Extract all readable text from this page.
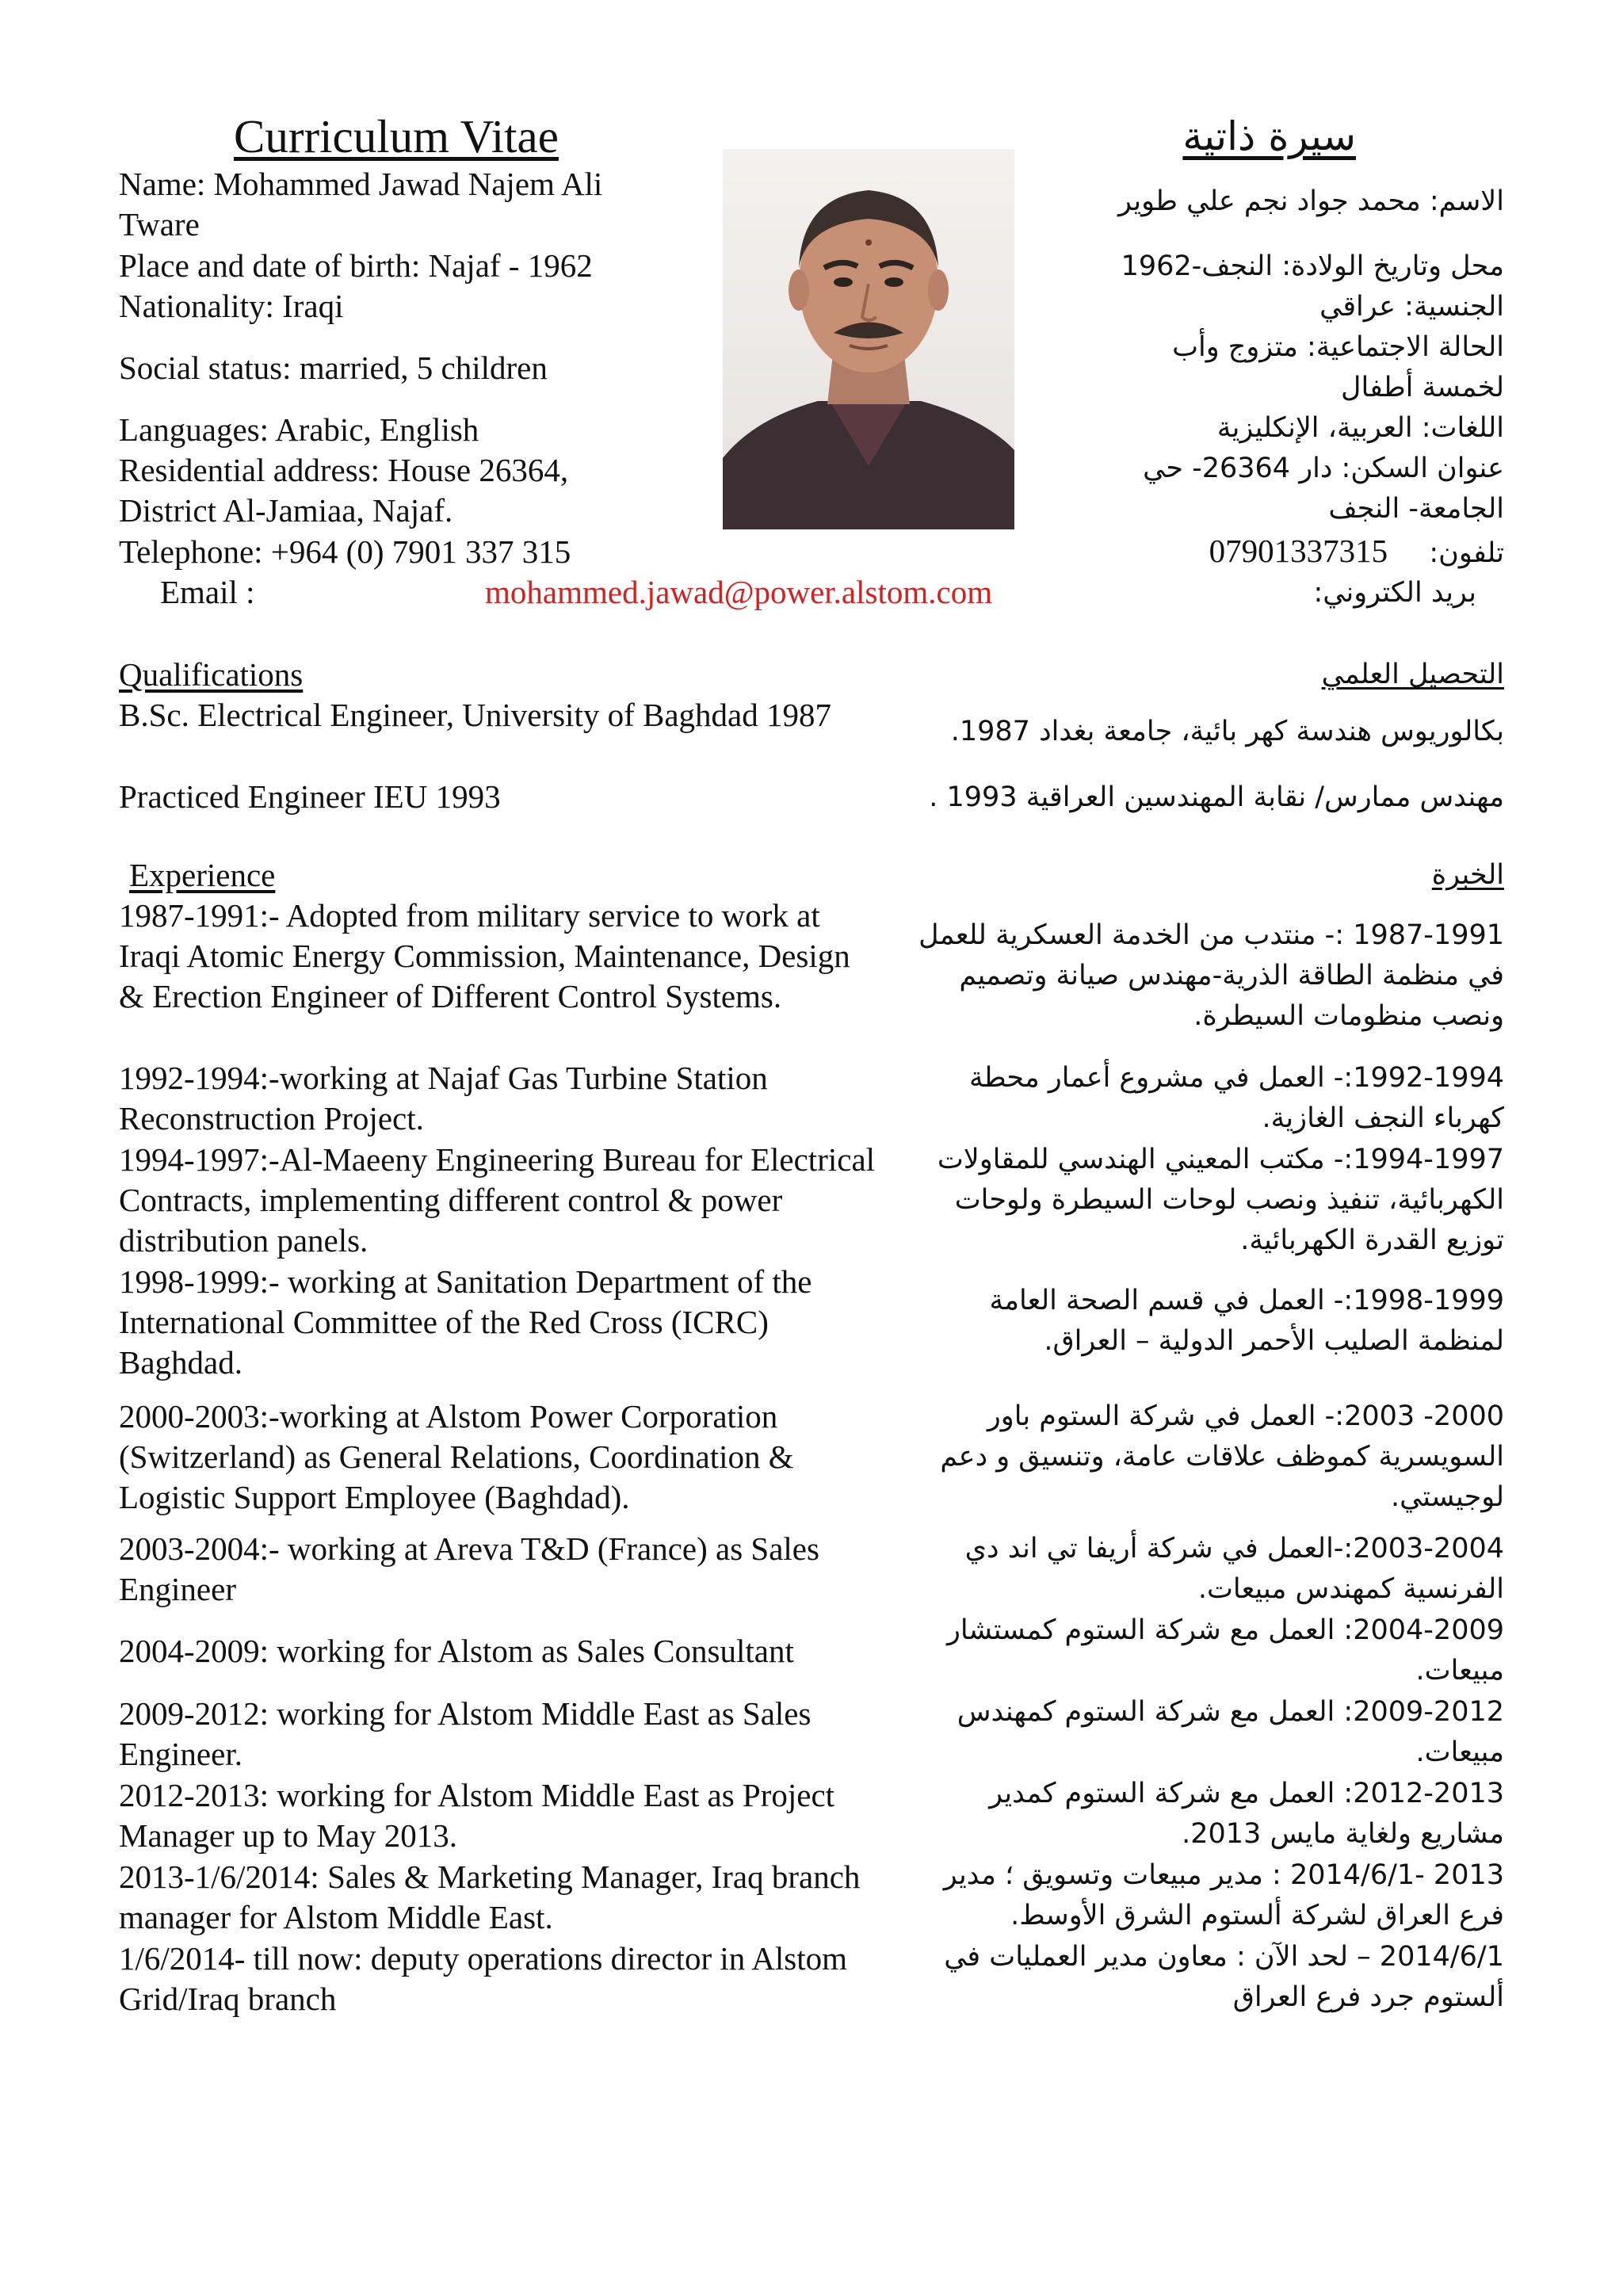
Curriculum Vitae	سيرة ذاتية
Name: Mohammed Jawad Najem Ali Tware
Place and date of birth: Najaf - 1962
Nationality: Iraqi
Social status: married, 5 children
Languages: Arabic, English
Residential address: House 26364, District Al-Jamiaa, Najaf.
Telephone: +964 (0) 7901 337 315
Email :	mohammed.jawad@power.alstom.com
الاسم: محمد جواد نجم علي طوير
محل وتاريخ الولادة: النجف-1962
الجنسية: عراقي
الحالة الاجتماعية: متزوج وأب لخمسة أطفال
اللغات: العربية، الإنكليزية
عنوان السكن: دار 26364- حي الجامعة- النجف
تلفون:  07901337315
بريد الكتروني:
Qualifications
B.Sc. Electrical Engineer, University of Baghdad 1987
Practiced Engineer IEU 1993
التحصيل العلمي
بكالوريوس هندسة كهر بائية، جامعة بغداد 1987.
مهندس ممارس/ نقابة المهندسين العراقية 1993 .
Experience
1987-1991:- Adopted from military service to work at Iraqi Atomic Energy Commission, Maintenance, Design & Erection Engineer of Different Control Systems.
1992-1994:-working at Najaf Gas Turbine Station Reconstruction Project.
1994-1997:-Al-Maeeny Engineering Bureau for Electrical Contracts, implementing different control & power distribution panels.
1998-1999:- working at Sanitation Department of the International Committee of the Red Cross (ICRC) Baghdad.
2000-2003:-working at Alstom Power Corporation (Switzerland) as General Relations, Coordination & Logistic Support Employee (Baghdad).
2003-2004:- working at Areva T&D (France) as Sales Engineer
2004-2009: working for Alstom as Sales Consultant
2009-2012: working for Alstom Middle East as Sales Engineer.
2012-2013: working for Alstom Middle East as Project Manager up to May 2013.
2013-1/6/2014: Sales & Marketing Manager, Iraq branch manager for Alstom Middle East.
1/6/2014- till now: deputy operations director in Alstom Grid/Iraq branch
الخبرة
1987-1991 :- منتدب من الخدمة العسكرية للعمل في منظمة الطاقة الذرية-مهندس صيانة وتصميم ونصب منظومات السيطرة.
1992-1994:- العمل في مشروع أعمار محطة كهرباء النجف الغازية.
1994-1997:- مكتب المعيني الهندسي للمقاولات الكهربائية، تنفيذ ونصب لوحات السيطرة ولوحات توزيع القدرة الكهربائية.
1998-1999:- العمل في قسم الصحة العامة لمنظمة الصليب الأحمر الدولية – العراق.
2000- 2003:- العمل في شركة الستوم باور السويسرية كموظف علاقات عامة، وتنسيق و دعم لوجيستي.
2003-2004:-العمل في شركة أريفا تي اند دي الفرنسية كمهندس مبيعات.
2004-2009: العمل مع شركة الستوم كمستشار مبيعات.
2009-2012: العمل مع شركة الستوم كمهندس مبيعات.
2012-2013: العمل مع شركة الستوم كمدير مشاريع ولغاية مايس 2013.
2013 -2014/6/1 : مدير مبيعات وتسويق ؛ مدير فرع العراق لشركة ألستوم الشرق الأوسط.
2014/6/1 – لحد الآن : معاون مدير العمليات في ألستوم جرد فرع العراق
